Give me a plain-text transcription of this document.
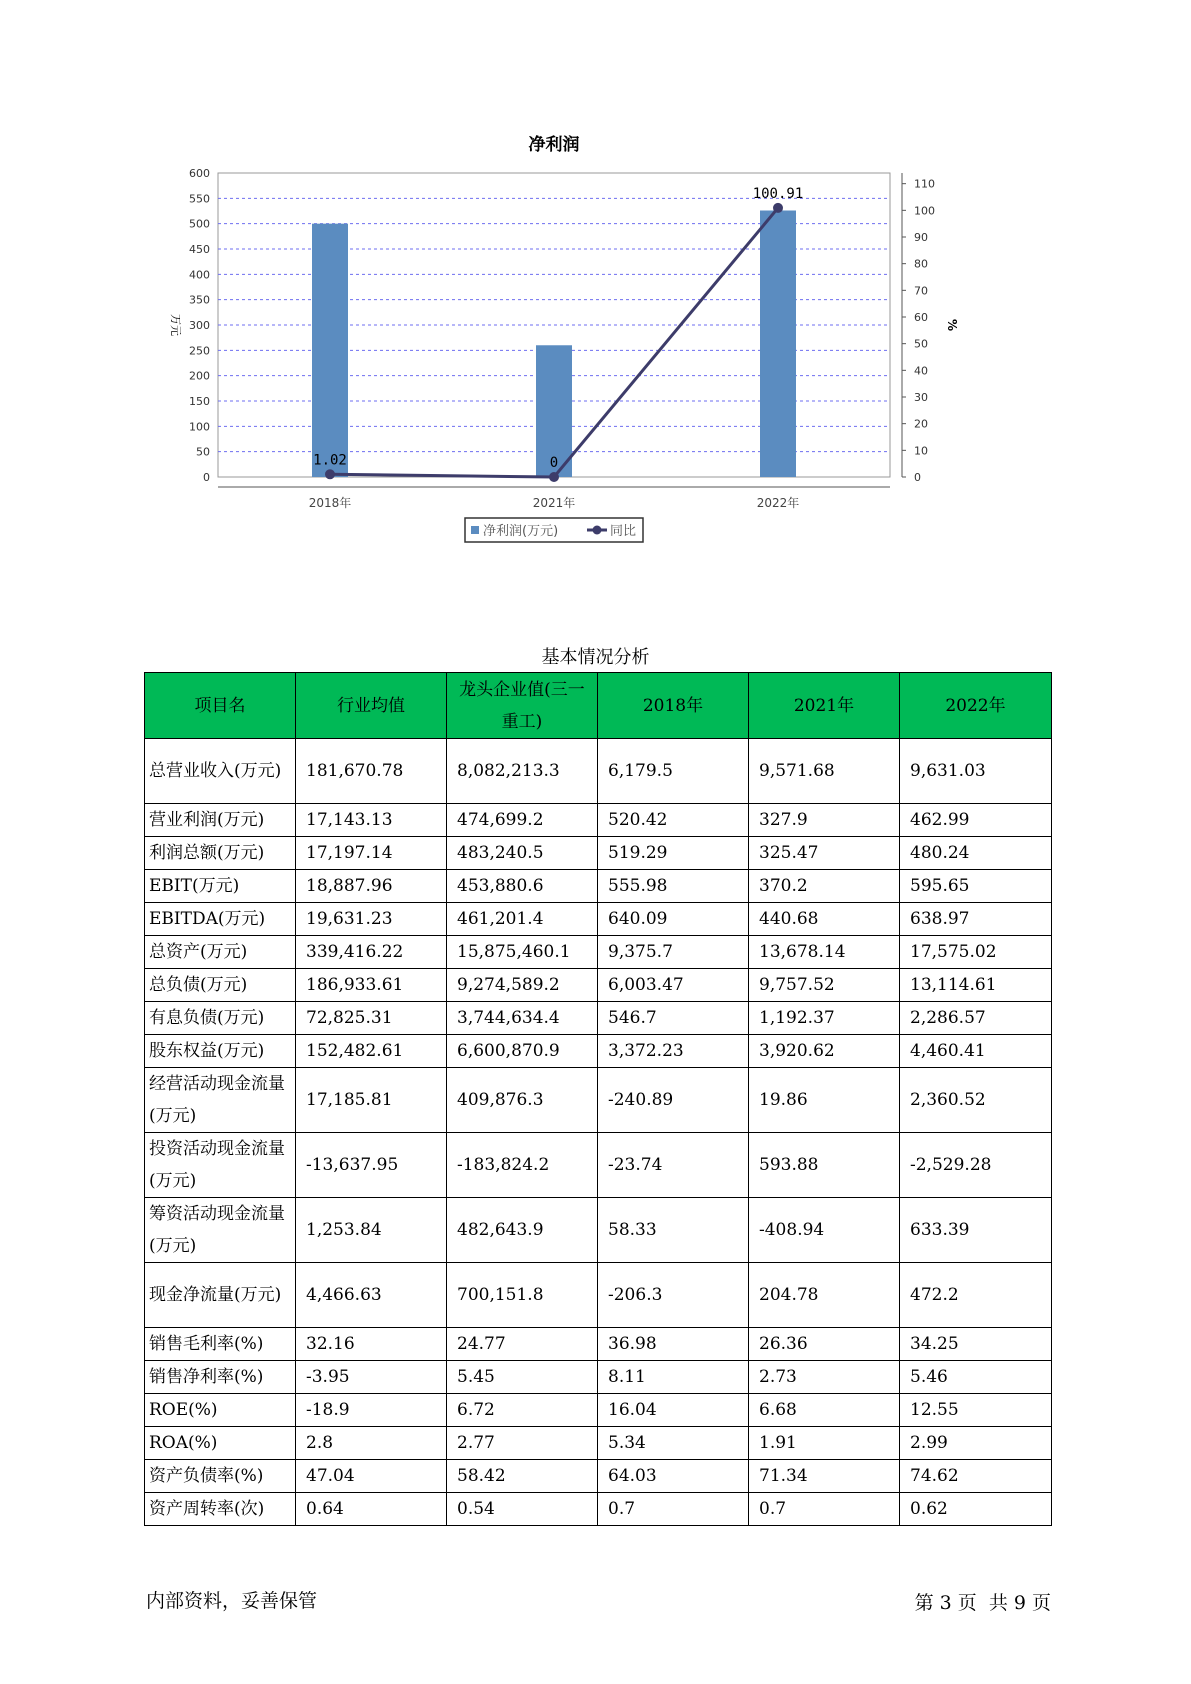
0
50
100
150
200
250
300
350
400
450
500
550
600
0
10
20
30
40
50
60
70
80
90
100
110
净利润
万元	%
2018年	2021年	2022年
1.02	0
100.91
净利润(万元)	同比
基本情况分析
项目名	行业均值	龙头企业值(三一重工)	2018年	2021年	2022年
总营业收入(万元)	181,670.78	8,082,213.3	6,179.5	9,571.68	9,631.03
营业利润(万元)	17,143.13	474,699.2	520.42	327.9	462.99
利润总额(万元)	17,197.14	483,240.5	519.29	325.47	480.24
EBIT(万元)	18,887.96	453,880.6	555.98	370.2	595.65
EBITDA(万元)	19,631.23	461,201.4	640.09	440.68	638.97
总资产(万元)	339,416.22	15,875,460.1	9,375.7	13,678.14	17,575.02
总负债(万元)	186,933.61	9,274,589.2	6,003.47	9,757.52	13,114.61
有息负债(万元)	72,825.31	3,744,634.4	546.7	1,192.37	2,286.57
股东权益(万元)	152,482.61	6,600,870.9	3,372.23	3,920.62	4,460.41
经营活动现金流量(万元)	17,185.81	409,876.3	-240.89	19.86	2,360.52
投资活动现金流量(万元)	-13,637.95	-183,824.2	-23.74	593.88	-2,529.28
筹资活动现金流量(万元)	1,253.84	482,643.9	58.33	-408.94	633.39
现金净流量(万元)	4,466.63	700,151.8	-206.3	204.78	472.2
销售毛利率(%)	32.16	24.77	36.98	26.36	34.25
销售净利率(%)	-3.95	5.45	8.11	2.73	5.46
ROE(%)	-18.9	6.72	16.04	6.68	12.55
ROA(%)	2.8	2.77	5.34	1.91	2.99
资产负债率(%)	47.04	58.42	64.03	71.34	74.62
资产周转率(次)	0.64	0.54	0.7	0.7	0.62
内部资料，妥善保管	第 3 页  共 9 页
